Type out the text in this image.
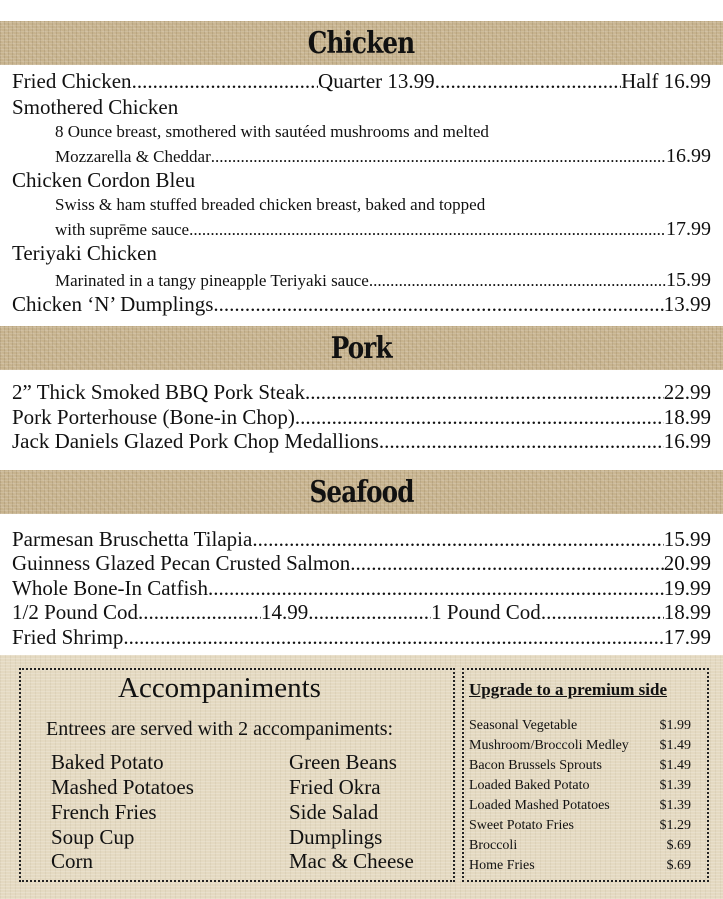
Chicken
Fried Chicken .....	Quarter 13.99 .....	Half 16.99
Smothered Chicken
8 Ounce breast, smothered with sautéed mushrooms and melted
Mozzarella & Cheddar .....	16.99
Chicken Cordon Bleu
Swiss & ham stuffed breaded chicken breast, baked and topped
with suprēme sauce .....	17.99
Teriyaki Chicken
Marinated in a tangy pineapple Teriyaki sauce .....	15.99
Chicken ‘N’ Dumplings .....	13.99
Pork
2” Thick Smoked BBQ Pork Steak .....	22.99
Pork Porterhouse (Bone-in Chop) .....	18.99
Jack Daniels Glazed Pork Chop Medallions .....	16.99
Seafood
Parmesan Bruschetta Tilapia .....	15.99
Guinness Glazed Pecan Crusted Salmon .....	20.99
Whole Bone-In Catfish .....	19.99
1/2 Pound Cod .....	14.99 .....	1 Pound Cod .....	18.99
Fried Shrimp .....	17.99
Accompaniments
Entrees are served with 2 accompaniments:
Baked Potato
Mashed Potatoes
French Fries
Soup Cup
Corn
Green Beans
Fried Okra
Side Salad
Dumplings
Mac & Cheese
Upgrade to a premium side
Seasonal Vegetable	$1.99
Mushroom/Broccoli Medley $1.49
Bacon Brussels Sprouts	$1.49
Loaded Baked Potato	$1.39
Loaded Mashed Potatoes	$1.39
Sweet Potato Fries	$1.29
Broccoli	$.69
Home Fries	$.69
